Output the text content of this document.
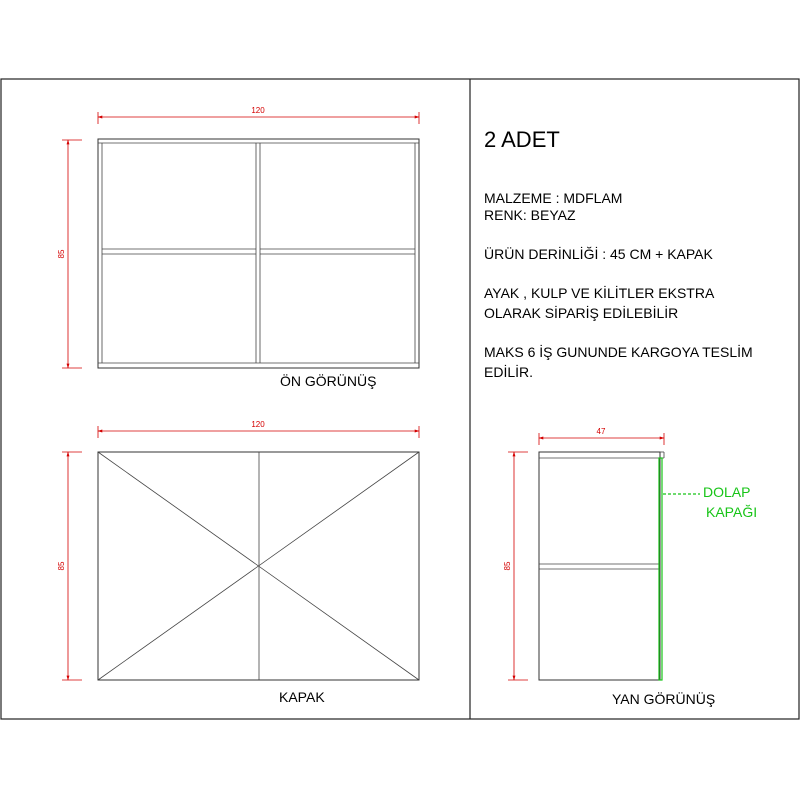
120
85
ÖN GÖRÜNÜŞ
120
85
KAPAK
47
85
DOLAP
KAPAĞI
YAN GÖRÜNÜŞ
2 ADET
MALZEME : MDFLAM
RENK: BEYAZ
ÜRÜN DERİNLİĞİ : 45 CM + KAPAK
AYAK , KULP VE KİLİTLER EKSTRA
OLARAK SİPARİŞ EDİLEBİLİR
MAKS 6 İŞ GUNUNDE KARGOYA TESLİM
EDİLİR.
